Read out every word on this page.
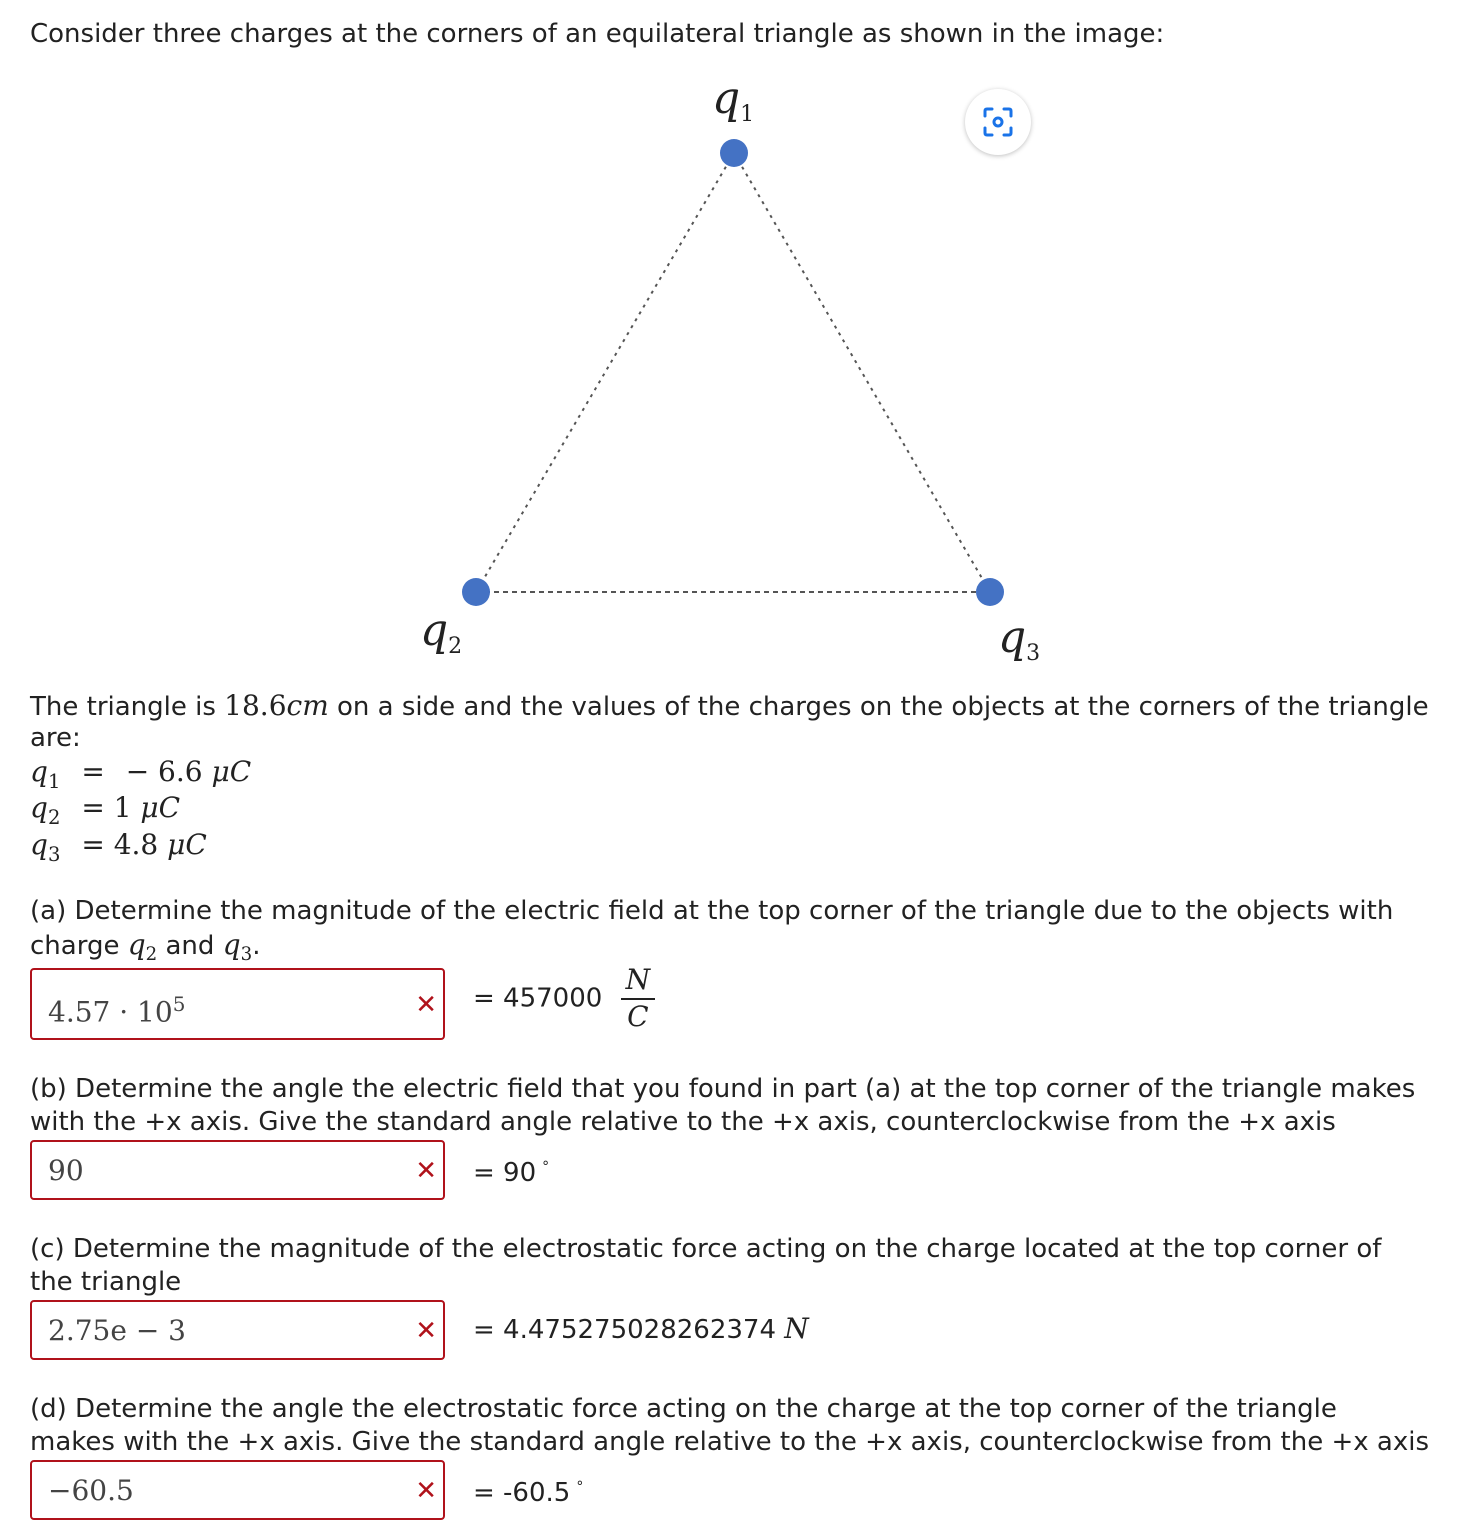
Consider three charges at the corners of an equilateral triangle as shown in the image:
q1
q2	q3
The triangle is 18.6cm on a side and the values of the charges on the objects at the corners of the triangle
are:
$q_1$ = − 6.6 μC
$q_2 = 1$ μC
$q_3 = 4.8$ μC
(a) Determine the magnitude of the electric field at the top corner of the triangle due to the objects with
charge $q_2$ and $q_3$.
$4.57 \cdot 10^5$	✕ = $457000 \frac{N}{C}$
(b) Determine the angle the electric field that you found in part (a) at the top corner of the triangle makes
with the +x axis. Give the standard angle relative to the +x axis, counterclockwise from the +x axis
90	✕ = 90 °
(c) Determine the magnitude of the electrostatic force acting on the charge located at the top corner of
the triangle
2.75e − 3	✕ = 4.475275028262374 N
(d) Determine the angle the electrostatic force acting on the charge at the top corner of the triangle
makes with the +x axis. Give the standard angle relative to the +x axis, counterclockwise from the +x axis
−60.5	✕ = -60.5 °
